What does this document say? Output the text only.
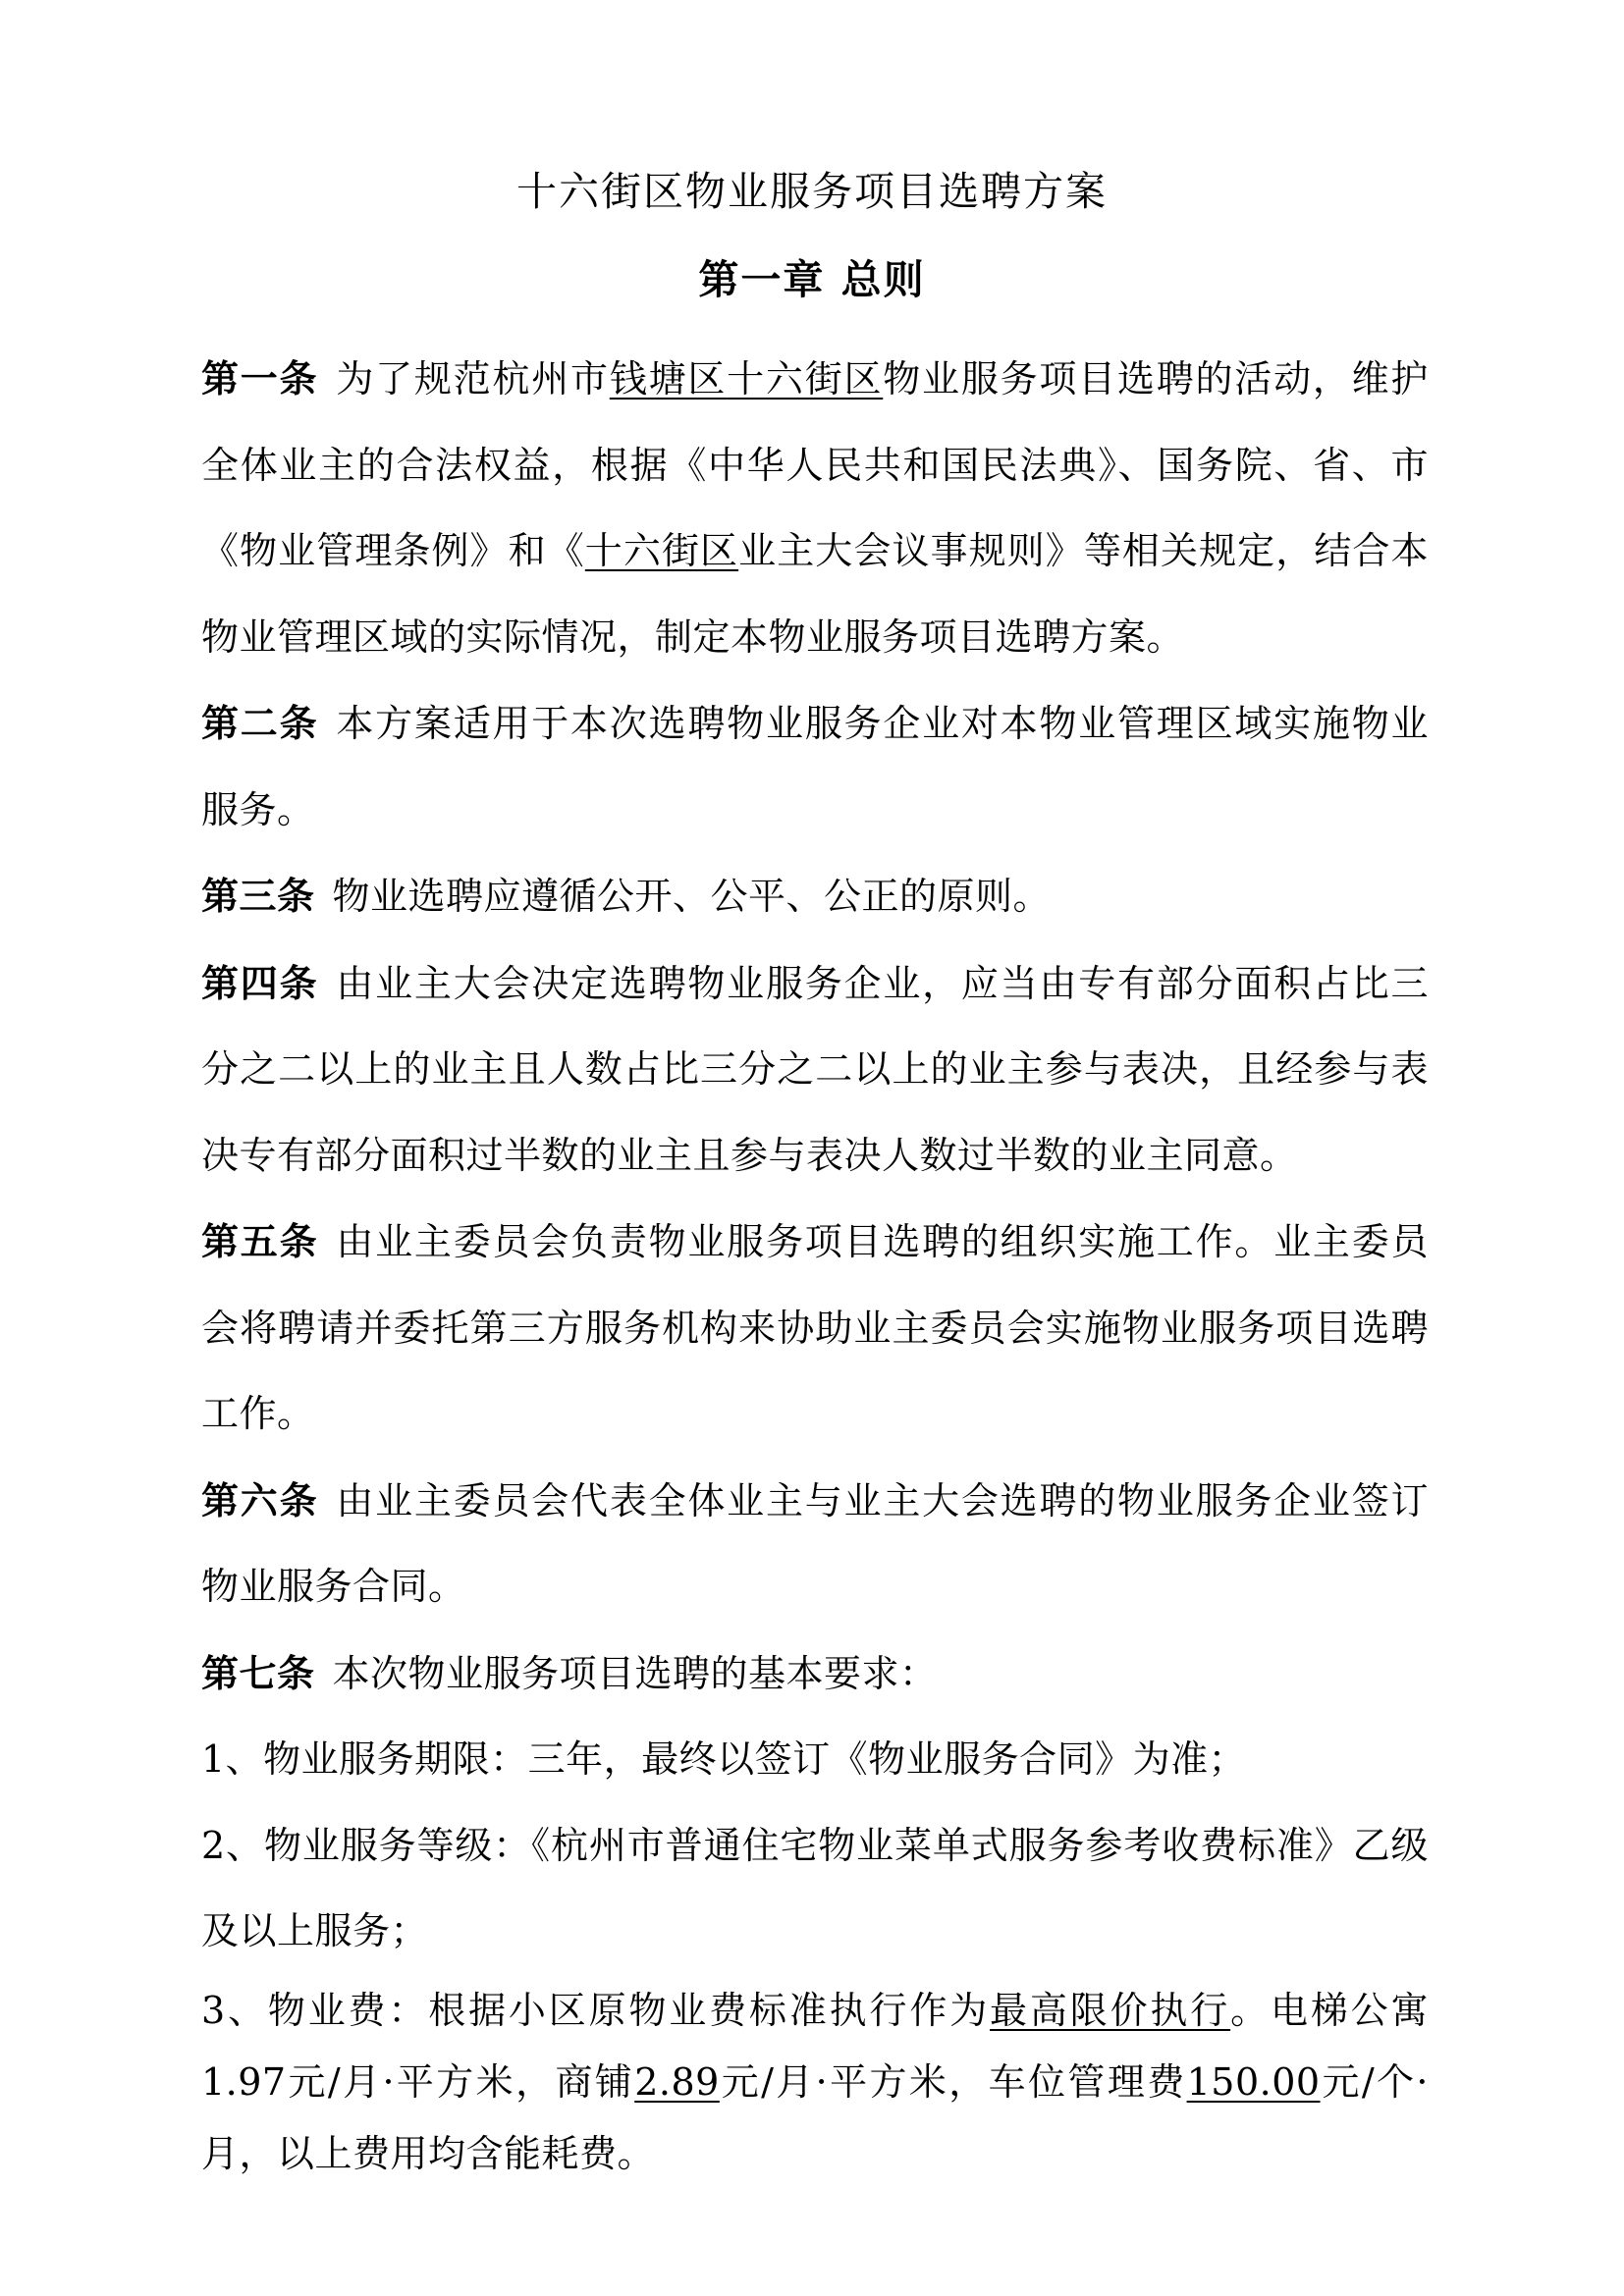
十六街区物业服务项目选聘方案
第一章 总则

第一条 为了规范杭州市钱塘区十六街区物业服务项目选聘的活动，维护全体业主的合法权益，根据《中华人民共和国民法典》、国务院、省、市《物业管理条例》和《十六街区业主大会议事规则》等相关规定，结合本物业管理区域的实际情况，制定本物业服务项目选聘方案。

第二条 本方案适用于本次选聘物业服务企业对本物业管理区域实施物业服务。

第三条 物业选聘应遵循公开、公平、公正的原则。

第四条 由业主大会决定选聘物业服务企业，应当由专有部分面积占比三分之二以上的业主且人数占比三分之二以上的业主参与表决，且经参与表决专有部分面积过半数的业主且参与表决人数过半数的业主同意。

第五条 由业主委员会负责物业服务项目选聘的组织实施工作。业主委员会将聘请并委托第三方服务机构来协助业主委员会实施物业服务项目选聘工作。

第六条 由业主委员会代表全体业主与业主大会选聘的物业服务企业签订物业服务合同。

第七条 本次物业服务项目选聘的基本要求：

1、物业服务期限：三年，最终以签订《物业服务合同》为准；

2、物业服务等级：《杭州市普通住宅物业菜单式服务参考收费标准》乙级及以上服务；

3、物业费：根据小区原物业费标准执行作为最高限价执行。电梯公寓1.97元/月·平方米，商铺2.89元/月·平方米，车位管理费150.00元/个·月，以上费用均含能耗费。
